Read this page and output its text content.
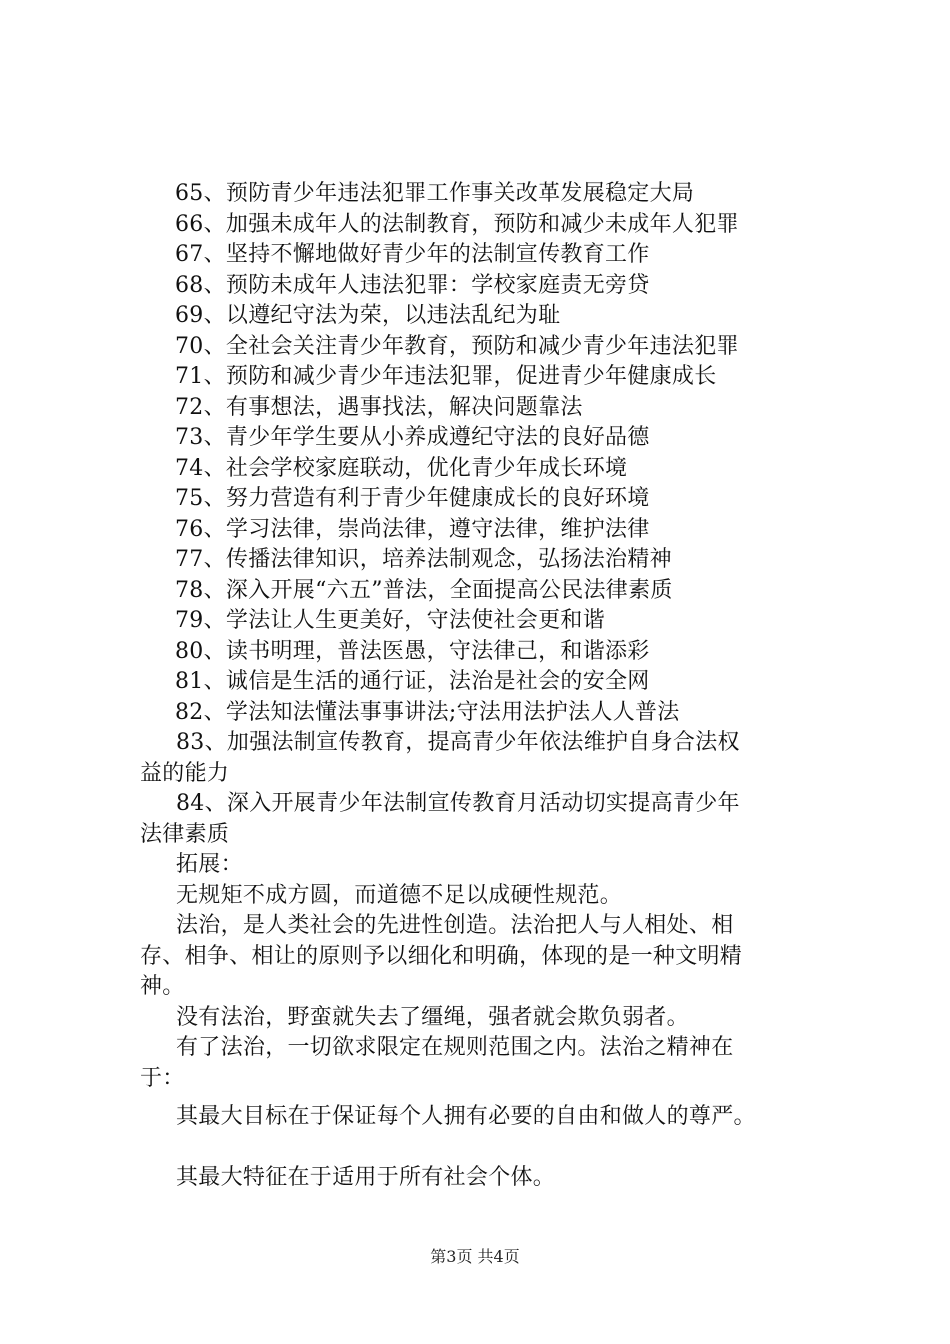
65、预防青少年违法犯罪工作事关改革发展稳定大局
66、加强未成年人的法制教育，预防和减少未成年人犯罪
67、坚持不懈地做好青少年的法制宣传教育工作
68、预防未成年人违法犯罪：学校家庭责无旁贷
69、以遵纪守法为荣，以违法乱纪为耻
70、全社会关注青少年教育，预防和减少青少年违法犯罪
71、预防和减少青少年违法犯罪，促进青少年健康成长
72、有事想法，遇事找法，解决问题靠法
73、青少年学生要从小养成遵纪守法的良好品德
74、社会学校家庭联动，优化青少年成长环境
75、努力营造有利于青少年健康成长的良好环境
76、学习法律，崇尚法律，遵守法律，维护法律
77、传播法律知识，培养法制观念，弘扬法治精神
78、深入开展“六五”普法，全面提高公民法律素质
79、学法让人生更美好，守法使社会更和谐
80、读书明理，普法医愚，守法律己，和谐添彩
81、诚信是生活的通行证，法治是社会的安全网
82、学法知法懂法事事讲法;守法用法护法人人普法
83、加强法制宣传教育，提高青少年依法维护自身合法权
益的能力
84、深入开展青少年法制宣传教育月活动切实提高青少年
法律素质
拓展：
无规矩不成方圆，而道德不足以成硬性规范。
法治，是人类社会的先进性创造。法治把人与人相处、相
存、相争、相让的原则予以细化和明确，体现的是一种文明精
神。
没有法治，野蛮就失去了缰绳，强者就会欺负弱者。
有了法治，一切欲求限定在规则范围之内。法治之精神在
于：
其最大目标在于保证每个人拥有必要的自由和做人的尊严。
其最大特征在于适用于所有社会个体。
第3页 共4页
